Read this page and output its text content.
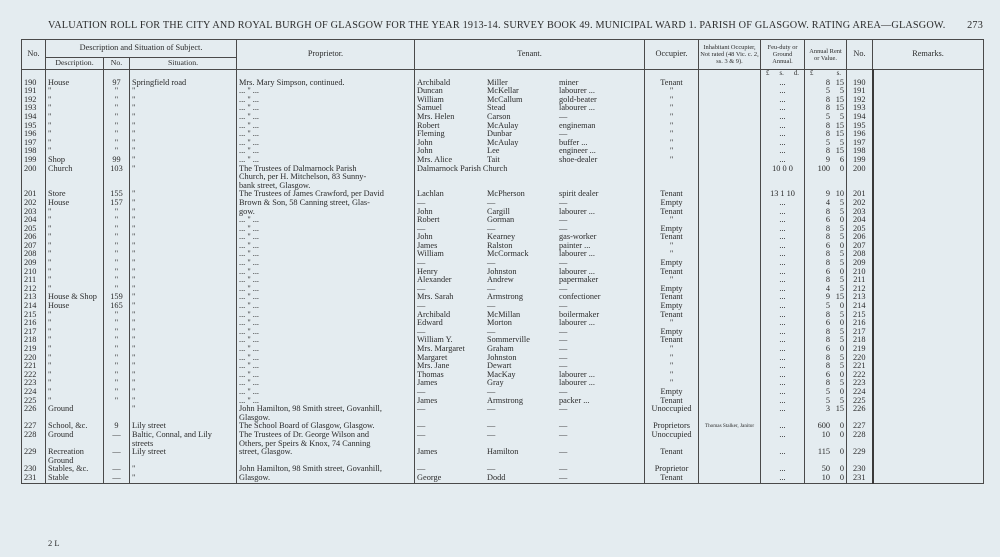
VALUATION ROLL FOR THE CITY AND ROYAL BURGH OF GLASGOW FOR THE YEAR 1913-14. SURVEY BOOK 49. MUNICIPAL WARD 1. PARISH OF GLASGOW. RATING AREA—GLASGOW. 273
No.	Description and Situation of Subject.			Proprietor.	Tenant.	Occupier.	Inhabitant Occupier, Not rated (48 Vic. c. 2, ss. 3 & 9).	Feu-duty or Ground Annual.	Annual Rent or Value.	No.	Remarks.
	Description.	No.	Situation.								

								£ s. d.	£ s.		

190	House	97	Springfield road	Mrs. Mary Simpson, continued.	Archibald Miller miner	Tenant		...	8 15	190	
191	"	"	"	... " ...	Duncan McKellar labourer ...	"		...	5 5	191	
192	"	"	"	... " ...	William McCallum gold-beater	"		...	8 15	192	
193	"	"	"	... " ...	Samuel Stead labourer ...	"		...	8 15	193	
194	"	"	"	... " ...	Mrs. Helen Carson —	"		...	5 5	194	
195	"	"	"	... " ...	Robert McAulay engineman	"		...	8 15	195	
196	"	"	"	... " ...	Fleming Dunbar —	"		...	8 15	196	
197	"	"	"	... " ...	John McAulay buffer ...	"		...	5 5	197	
198	"	"	"	... " ...	John Lee engineer ...	"		...	8 15	198	
199	Shop	99	"	... " ...	Mrs. Alice Tait shoe-dealer	"		...	9 6	199	
200	Church	103	"	The Trustees of Dalmarnock Parish	Dalmarnock Parish Church			10 0 0	100 0	200	
				Church, per H. Mitchelson, 83 Sunny-	

				bank street, Glasgow.	

201	Store	155	"	The Trustees of James Crawford, per David	Lachlan McPherson spirit dealer	Tenant		13 1 10	9 10	201	
202	House	157	"	Brown & Son, 58 Canning street, Glas-	— — —	Empty		...	4 5	202	
203	"	"	"	gow.	John Cargill labourer ...	Tenant		...	8 5	203	
204	"	"	"	... " ...	Robert Gorman —	"		...	6 0	204	
205	"	"	"	... " ...	— — —	Empty		...	8 5	205	
206	"	"	"	... " ...	John Kearney gas-worker	Tenant		...	8 5	206	
207	"	"	"	... " ...	James Ralston painter ...	"		...	6 0	207	
208	"	"	"	... " ...	William McCormack labourer ...	"		...	8 5	208	
209	"	"	"	... " ...	— — —	Empty		...	8 5	209	
210	"	"	"	... " ...	Henry Johnston labourer ...	Tenant		...	6 0	210	
211	"	"	"	... " ...	Alexander Andrew papermaker	"		...	8 5	211	
212	"	"	"	... " ...	— — —	Empty		...	4 5	212	
213	House & Shop	159	"	... " ...	Mrs. Sarah Armstrong confectioner	Tenant		...	9 15	213	
214	House	165	"	... " ...	— — —	Empty		...	5 0	214	
215	"	"	"	... " ...	Archibald McMillan boilermaker	Tenant		...	8 5	215	
216	"	"	"	... " ...	Edward Morton labourer ...	"		...	6 0	216	
217	"	"	"	... " ...	— — —	Empty		...	8 5	217	
218	"	"	"	... " ...	William Y. Sommerville —	Tenant		...	8 5	218	
219	"	"	"	... " ...	Mrs. Margaret Graham —	"		...	6 0	219	
220	"	"	"	... " ...	Margaret Johnston —	"		...	8 5	220	
221	"	"	"	... " ...	Mrs. Jane Dewart —	"		...	8 5	221	
222	"	"	"	... " ...	Thomas MacKay labourer ...	"		...	6 0	222	
223	"	"	"	... " ...	James Gray labourer ...	"		...	8 5	223	
224	"	"	"	... " ...	— — —	Empty		...	5 0	224	
225	"	"	"	... " ...	James Armstrong packer ...	Tenant		...	5 5	225	
226	Ground		"	John Hamilton, 98 Smith street, Govanhill,	— — —	Unoccupied		...	3 15	226	
				Glasgow.	

227	School, &c.	9	Lily street	The School Board of Glasgow, Glasgow.	— — —	Proprietors	Thomas Stalker, Janitor	...	600 0	227	
228	Ground	—	Baltic, Connal, and Lily	The Trustees of Dr. George Wilson and	— — —	Unoccupied		...	10 0	228	
			streets	Others, per Speirs & Knox, 74 Canning	

229	Recreation	—	Lily street	street, Glasgow.	James Hamilton —	Tenant		...	115 0	229	
	Ground				

230	Stables, &c.	—	"	John Hamilton, 98 Smith street, Govanhill,	— — —	Proprietor		...	50 0	230	
231	Stable	—	"	Glasgow.	George Dodd —	Tenant		...	10 0	231	
2 L
